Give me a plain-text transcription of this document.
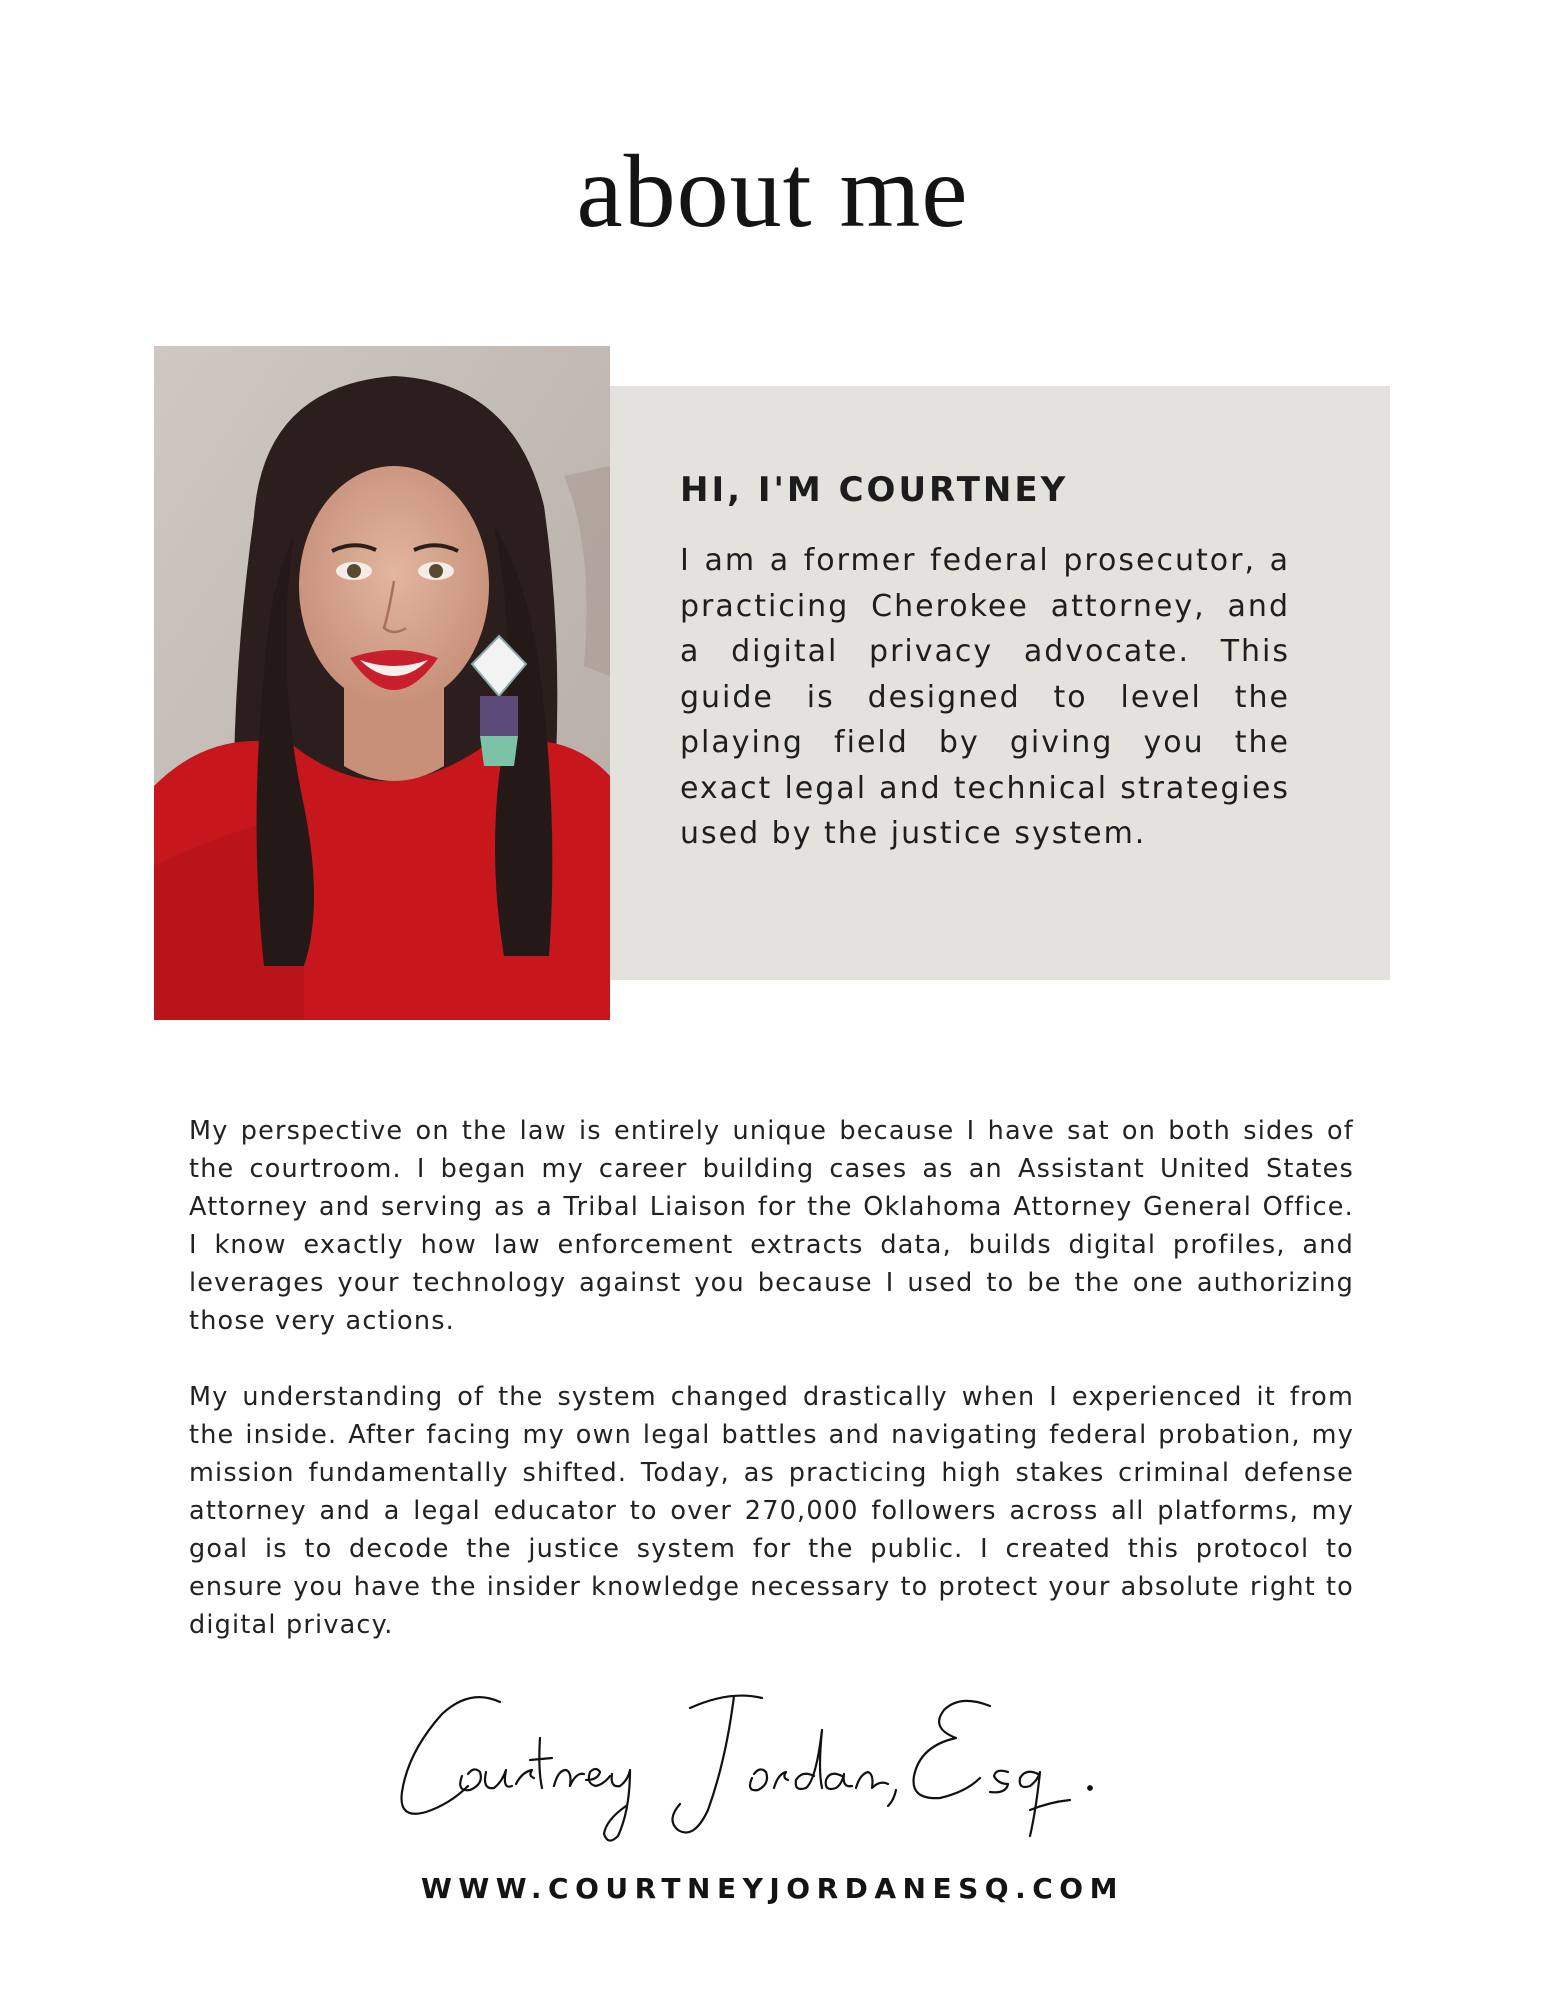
about me
HI, I'M COURTNEY

I am a former federal prosecutor, a practicing Cherokee attorney, and a digital privacy advocate. This guide is designed to level the playing field by giving you the exact legal and technical strategies used by the justice system.

My perspective on the law is entirely unique because I have sat on both sides of the courtroom. I began my career building cases as an Assistant United States Attorney and serving as a Tribal Liaison for the Oklahoma Attorney General Office. I know exactly how law enforcement extracts data, builds digital profiles, and leverages your technology against you because I used to be the one authorizing those very actions.

My understanding of the system changed drastically when I experienced it from the inside. After facing my own legal battles and navigating federal probation, my mission fundamentally shifted. Today, as practicing high stakes criminal defense attorney and a legal educator to over 270,000 followers across all platforms, my goal is to decode the justice system for the public. I created this protocol to ensure you have the insider knowledge necessary to protect your absolute right to digital privacy.

WWW.COURTNEYJORDANESQ.COM
